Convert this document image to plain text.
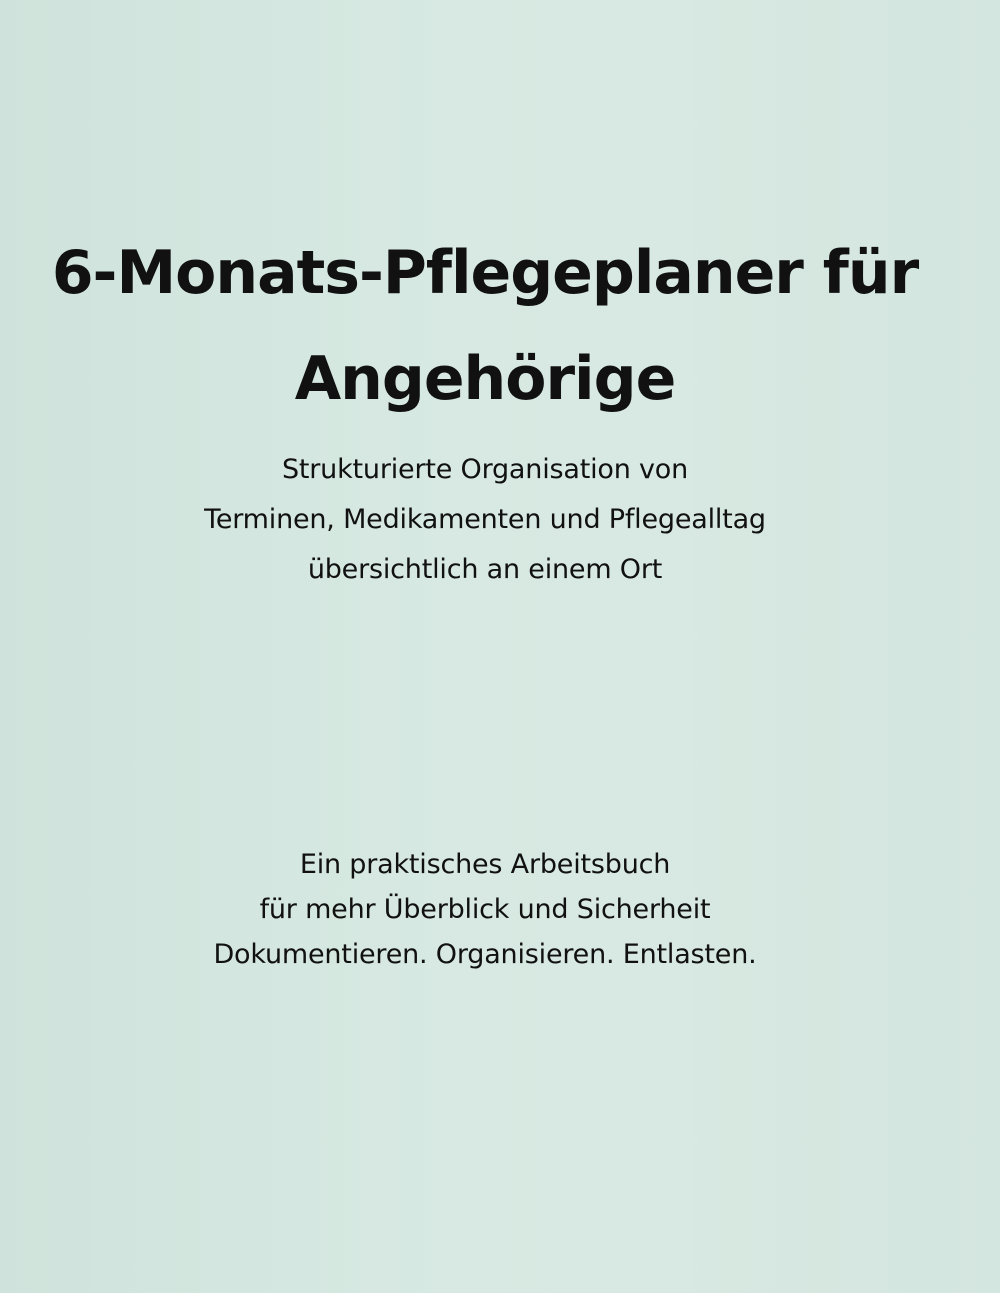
6-Monats-Pflegeplaner für
Angehörige
Strukturierte Organisation von
Terminen, Medikamenten und Pflegealltag
übersichtlich an einem Ort
Ein praktisches Arbeitsbuch
für mehr Überblick und Sicherheit
Dokumentieren. Organisieren. Entlasten.
